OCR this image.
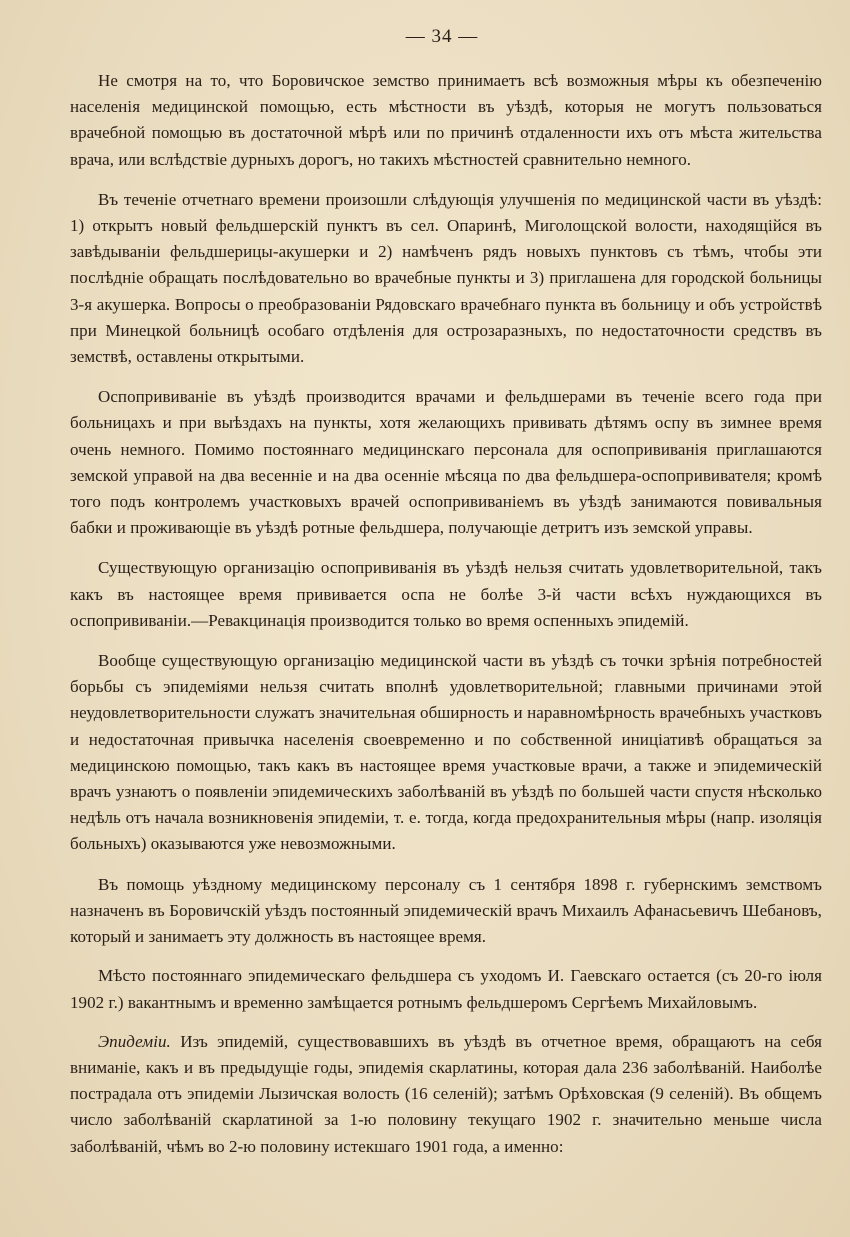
— 34 —

Не смотря на то, что Боровичское земство принимаетъ всѣ возможныя мѣры къ обезпеченію населенія медицинской помощью, есть мѣстности въ уѣздѣ, которыя не могутъ пользоваться врачебной помощью въ достаточной мѣрѣ или по причинѣ отдаленности ихъ отъ мѣста жительства врача, или вслѣдствіе дурныхъ дорогъ, но такихъ мѣстностей сравнительно немного.

Въ теченіе отчетнаго времени произошли слѣдующія улучшенія по медицинской части въ уѣздѣ: 1) открытъ новый фельдшерскій пунктъ въ сел. Опаринѣ, Миголощской волости, находящійся въ завѣдываніи фельдшерицы-акушерки и 2) намѣченъ рядъ новыхъ пунктовъ съ тѣмъ, чтобы эти послѣдніе обращать послѣдовательно во врачебные пункты и 3) приглашена для городской больницы 3-я акушерка. Вопросы о преобразованіи Рядовскаго врачебнаго пункта въ больницу и объ устройствѣ при Минецкой больницѣ особаго отдѣленія для острозаразныхъ, по недостаточности средствъ въ земствѣ, оставлены открытыми.

Оспопрививаніе въ уѣздѣ производится врачами и фельдшерами въ теченіе всего года при больницахъ и при выѣздахъ на пункты, хотя желающихъ прививать дѣтямъ оспу въ зимнее время очень немного. Помимо постояннаго медицинскаго персонала для оспопрививанія приглашаются земской управой на два весенніе и на два осенніе мѣсяца по два фельдшера-оспопрививателя; кромѣ того подъ контролемъ участковыхъ врачей оспопрививаніемъ въ уѣздѣ занимаются повивальныя бабки и проживающіе въ уѣздѣ ротные фельдшера, получающіе детритъ изъ земской управы.

Существующую организацію оспопрививанія въ уѣздѣ нельзя считать удовлетворительной, такъ какъ въ настоящее время прививается оспа не болѣе 3-й части всѣхъ нуждающихся въ оспопрививаніи.—Ревакцинація производится только во время оспенныхъ эпидемій.

Вообще существующую организацію медицинской части въ уѣздѣ съ точки зрѣнія потребностей борьбы съ эпидеміями нельзя считать вполнѣ удовлетворительной; главными причинами этой неудовлетворительности служатъ значительная обширность и наравномѣрность врачебныхъ участковъ и недостаточная привычка населенія своевременно и по собственной иниціативѣ обращаться за медицинскою помощью, такъ какъ въ настоящее время участковые врачи, а также и эпидемическій врачъ узнаютъ о появленіи эпидемическихъ заболѣваній въ уѣздѣ по большей части спустя нѣсколько недѣль отъ начала возникновенія эпидеміи, т. е. тогда, когда предохранительныя мѣры (напр. изоляція больныхъ) оказываются уже невозможными.

Въ помощь уѣздному медицинскому персоналу съ 1 сентября 1898 г. губернскимъ земствомъ назначенъ въ Боровичскій уѣздъ постоянный эпидемическій врачъ Михаилъ Афанасьевичъ Шебановъ, который и занимаетъ эту должность въ настоящее время.

Мѣсто постояннаго эпидемическаго фельдшера съ уходомъ И. Гаевскаго остается (съ 20-го іюля 1902 г.) вакантнымъ и временно замѣщается ротнымъ фельдшеромъ Сергѣемъ Михайловымъ.

Эпидеміи. Изъ эпидемій, существовавшихъ въ уѣздѣ въ отчетное время, обращаютъ на себя вниманіе, какъ и въ предыдущіе годы, эпидемія скарлатины, которая дала 236 заболѣваній. Наиболѣе пострадала отъ эпидеміи Лызичская волость (16 селеній); затѣмъ Орѣховская (9 селеній). Въ общемъ число заболѣваній скарлатиной за 1-ю половину текущаго 1902 г. значительно меньше числа заболѣваній, чѣмъ во 2-ю половину истекшаго 1901 года, а именно:
